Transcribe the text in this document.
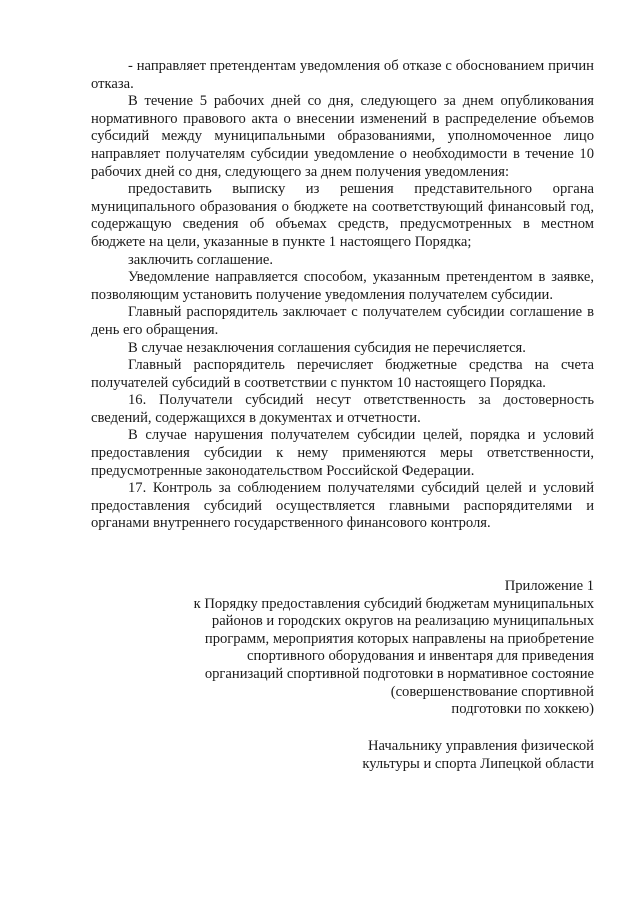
- направляет претендентам уведомления об отказе с обоснованием причин отказа.

В течение 5 рабочих дней со дня, следующего за днем опубликования нормативного правового акта о внесении изменений в распределение объемов субсидий между муниципальными образованиями, уполномоченное лицо направляет получателям субсидии уведомление о необходимости в течение 10 рабочих дней со дня, следующего за днем получения уведомления:

предоставить выписку из решения представительного органа муниципального образования о бюджете на соответствующий финансовый год, содержащую сведения об объемах средств, предусмотренных в местном бюджете на цели, указанные в пункте 1 настоящего Порядка;

заключить соглашение.

Уведомление направляется способом, указанным претендентом в заявке, позволяющим установить получение уведомления получателем субсидии.

Главный распорядитель заключает с получателем субсидии соглашение в день его обращения.

В случае незаключения соглашения субсидия не перечисляется.

Главный распорядитель перечисляет бюджетные средства на счета получателей субсидий в соответствии с пунктом 10 настоящего Порядка.

16. Получатели субсидий несут ответственность за достоверность сведений, содержащихся в документах и отчетности.

В случае нарушения получателем субсидии целей, порядка и условий предоставления субсидии к нему применяются меры ответственности, предусмотренные законодательством Российской Федерации.

17. Контроль за соблюдением получателями субсидий целей и условий предоставления субсидий осуществляется главными распорядителями и органами внутреннего государственного финансового контроля.

Приложение 1

к Порядку предоставления субсидий бюджетам муниципальных

районов и городских округов на реализацию муниципальных

программ, мероприятия которых направлены на приобретение

спортивного оборудования и инвентаря для приведения

организаций спортивной подготовки в нормативное состояние

(совершенствование спортивной

подготовки по хоккею)

Начальнику управления физической

культуры и спорта Липецкой области
